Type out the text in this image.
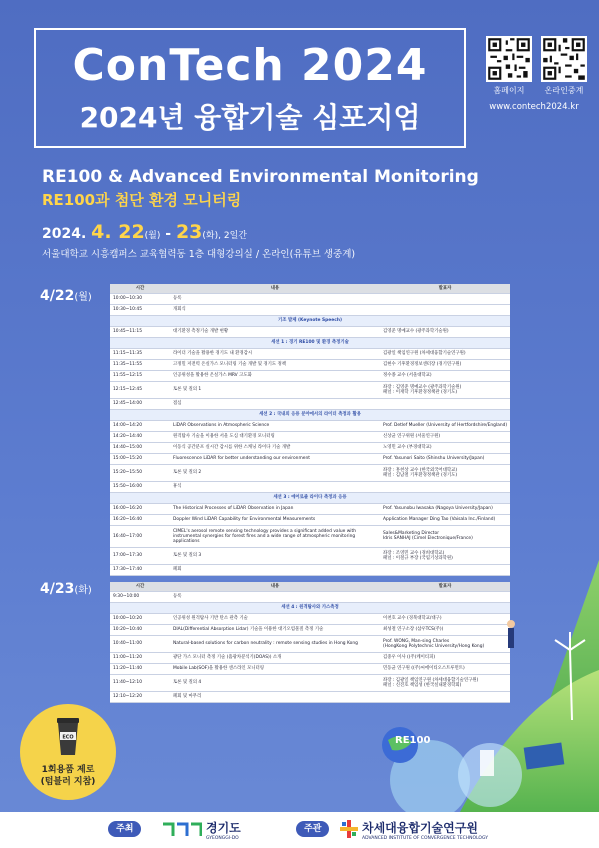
ConTech 2024
2024년 융합기술 심포지엄
홈페이지	온라인중계
www.contech2024.kr
RE100 & Advanced Environmental Monitoring
RE100과 첨단 환경 모니터링
2024. 4. 22(월) - 23(화), 2일간
서울대학교 시흥캠퍼스 교육협력동 1층 대형강의실 / 온라인(유튜브 생중계)
4/22(월)
시간	내용	발표자
10:00~10:30	등록	
10:30~10:45	개회식	
기조 발제 (Keynote Speech)		
10:45~11:15	대기환경 측정기술 개발 현황	김영준 명예교수 (광주과학기술원)
세션 1 : 경기 RE100 및 환경 측정기술		
11:15~11:35	라이더 기술을 활용한 경기도 내 환경감시	김광일 책임연구원 (차세대융합기술연구원)
11:35~11:55	고정밀 저전력 온실가스 모니터링 기술 개발 및 경기도 정책	김현수 기후환경정보센터장 (경기연구원)
11:55~12:15	인공위성을 활용한 온실가스 MRV 고도화	정수종 교수 (서울대학교)
12:15~12:45	토론 및 질의 1	좌장 : 김영준 명예교수 (광주과학기술원)
패널 : 이재학 기후환경정책관 (경기도)
12:45~14:00	점심	
세션 2 : 국내외 응용 분야에서의 라이더 측정과 활용		
14:00~14:20	LiDAR Observations in Atmospheric Science	Prof. Detlef Mueller (University of Hertfordshire/England)
14:20~14:40	원격탐사 기술을 이용한 서울 도심 대기환경 모니터링	신상균 연구위원 (서울연구원)
14:40~15:00	이동식 공간분포 실시간 감시를 위한 스캐닝 라이다 기술 개발	노영민 교수 (부경대학교)
15:00~15:20	Fluorescence LiDAR for better understanding our environment	Prof. Yasunori Saito (Shinshu University/Japan)
15:20~15:50	토론 및 질의 2	좌장 : 홍천상 교수 (한국외국어대학교)
패널 : 김남철 기후환경정책관 (경기도)
15:50~16:00	휴식	
세션 3 : 에어로졸 라이다 측정과 응용		
16:00~16:20	The Historical Processes of LiDAR Observation in Japan	Prof. Yasunobu Iwasaka (Nagoya University/Japan)
16:20~16:40	Doppler Wind LiDAR Capability for Environmental Measurements	Application Manager Ding Tao (Vaisala Inc./Finland)
16:40~17:00	CIMEL's aerosol remote sensing technology provides a significant added value with
instrumental synergies for forest fires and a wide range of atmospheric monitoring
applications	Sales&Marketing Director
Idris SANHAJ (Cimel Electronique/France)
17:00~17:30	토론 및 질의 3	좌장 : 조영민 교수 (경희대학교)
패널 : 이철규 부장 (국립기상과학원)
17:30~17:40	폐회	
4/23(화)	시간	내용	발표자
9:30~10:00	등록	
세션 4 : 원격탐사와 가스측정		
10:00~10:20	인공위성 원격탐사 기반 탄소 관측 기술	이천호 교수 (경북대학교/대구)
10:20~10:40	DIAL(Differential Absorption Lidar) 기술을 이용한 대기오염물질 측정 기술	최성철 연구소장 (삼우TCS(주))
10:40~11:00	Natural-based solutions for carbon neutrality : remote sensing studies in Hong Kong	Prof. WONG, Man-sing Charles
(HongKong Polytechnic University/Hong Kong)
11:00~11:20	광단 가스 모니터 측정 기술 (흡광차분석기(DOAS)) 소개	김중우 이사 ((주)케이티피)
11:20~11:40	Mobile Lab(SOF)을 활용한 센스라인 모니터링	민동균 연구원 ((주)씨에이티오스트루먼트)
11:40~12:10	토론 및 질의 4	좌장 : 김광일 책임연구원 (차세대융합기술연구원)
패널 : 신진호 책임성 (한국실내환경학회)
12:10~12:20	폐회 및 마무리	
RE100
ECO
1회용품 제로
(텀블러 지참)
주최	경기도
GYEONGGI-DO
주관	차세대융합기술연구원
ADVANCED INSTITUTE OF CONVERGENCE TECHNOLOGY
